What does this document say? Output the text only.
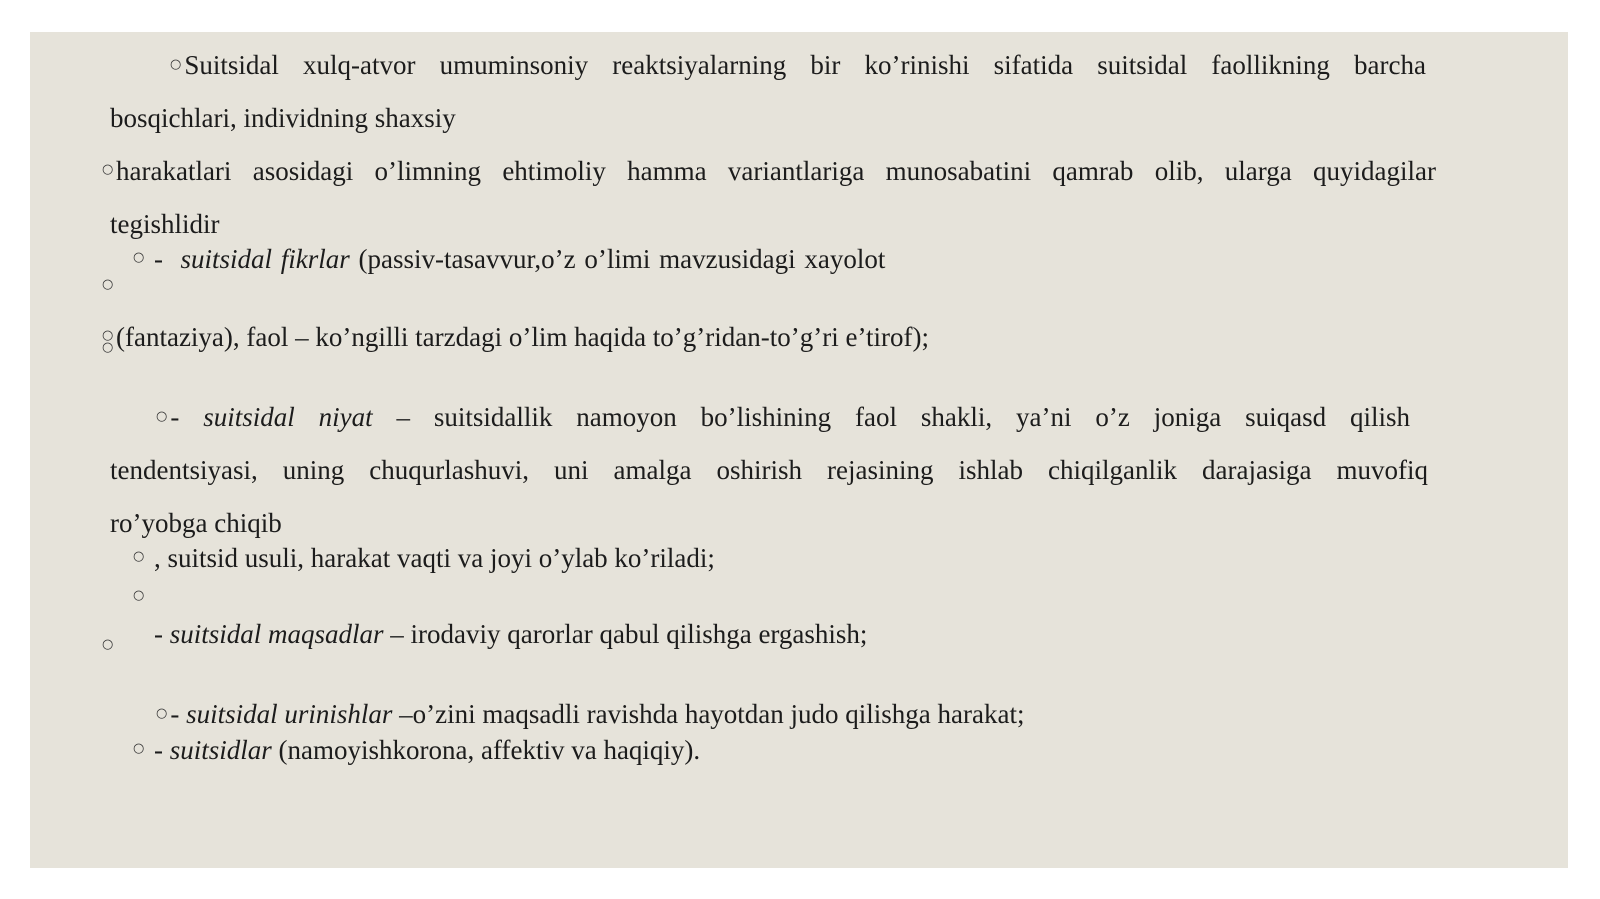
○ Suitsidal xulq-atvor umuminsoniy reaktsiyalarning bir ko’rinishi sifatida suitsidal faollikning barcha
bosqichlari, individning shaxsiy
○ harakatlari asosidagi o’limning ehtimoliy hamma variantlariga munosabatini qamrab olib, ularga quyidagilar
tegishlidir
○ - suitsidal fikrlar (passiv-tasavvur,o’z o’limi mavzusidagi xayolot
○
○
○ (fantaziya), faol – ko’ngilli tarzdagi o’lim haqida to’g’ridan-to’g’ri e’tirof);
○ - suitsidal niyat – suitsidallik namoyon bo’lishining faol shakli, ya’ni o’z joniga suiqasd qilish
tendentsiyasi, uning chuqurlashuvi, uni amalga oshirish rejasining ishlab chiqilganlik darajasiga muvofiq
ro’yobga chiqib
○ , suitsid usuli, harakat vaqti va joyi o’ylab ko’riladi;
○
○ - suitsidal maqsadlar – irodaviy qarorlar qabul qilishga ergashish;
○ - suitsidal urinishlar –o’zini maqsadli ravishda hayotdan judo qilishga harakat;
○ - suitsidlar (namoyishkorona, affektiv va haqiqiy).
